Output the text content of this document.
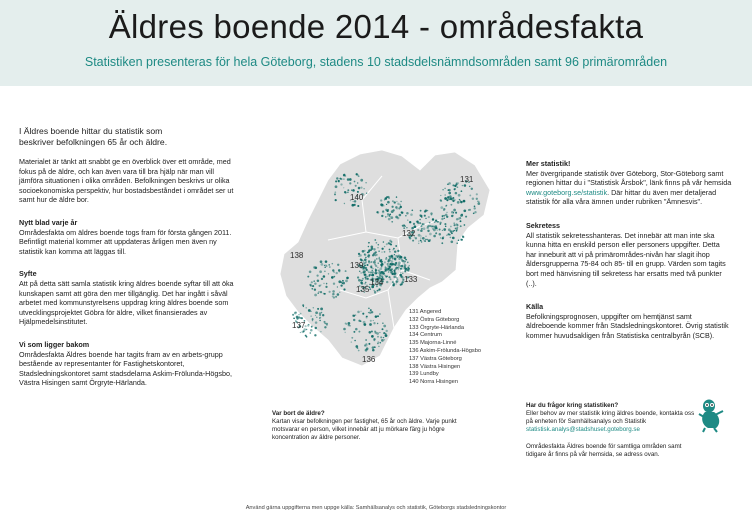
Äldres boende 2014 - områdesfakta
Statistiken presenteras för hela Göteborg, stadens 10 stadsdelsnämndsområden samt 96 primärområden

I Äldres boende hittar du statistik som beskriver befolkningen 65 år och äldre.

Materialet är tänkt att snabbt ge en överblick över ett område, med fokus på de äldre, och kan även vara till bra hjälp när man vill jämföra situationen i olika områden. Befolkningen beskrivs ur olika socioekonomiska perspektiv, hur bostadsbeståndet i området ser ut samt hur de äldre bor.

Nytt blad varje år

Områdesfakta om äldres boende togs fram för första gången 2011. Befintligt material kommer att uppdateras årligen men även ny statistik kan komma att läggas till.

Syfte

Att på detta sätt samla statistik kring äldres boende syftar till att öka kunskapen samt att göra den mer tillgänglig. Det har ingått i såväl arbetet med kommunstyrelsens uppdrag kring äldres boende som utvecklingsprojektet Göbra för äldre, vilket finansierades av Hjälpmedelsinstitutet.

Vi som ligger bakom

Områdesfakta Äldres boende har tagits fram av en arbets-grupp bestående av representanter för Fastighetskontoret, Stadsledningskontoret samt stadsdelarna Askim-Frölunda-Högsbo, Västra Hisingen samt Örgryte-Härlanda.

131
132
133
134
135
136
137
138
139
140
131 Angered
132 Östra Göteborg
133 Örgryte-Härlanda
134 Centrum
135 Majorna-Linné
136 Askim-Frölunda-Högsbo
137 Västra Göteborg
138 Västra Hisingen
139 Lundby
140 Norra Hisingen
Var bort de äldre?
Kartan visar befolkningen per fastighet, 65 år och äldre. Varje punkt motsvarar en person, vilket innebär att ju mörkare färg ju högre koncentration av äldre personer.

Mer statistik!

Mer övergripande statistik över Göteborg, Stor-Göteborg samt regionen hittar du i "Statistisk Årsbok", länk finns på vår hemsida www.goteborg.se/statistik. Där hittar du även mer detaljerad statistik för alla våra ämnen under rubriken "Ämnesvis".

Sekretess

All statistik sekretesshanteras. Det innebär att man inte ska kunna hitta en enskild person eller personers uppgifter. Detta har inneburit att vi på primärområdes-nivån har slagit ihop åldersgrupperna 75-84 och 85- till en grupp. Värden som tagits bort med hänvisning till sekretess har ersatts med två punkter (..).

Källa

Befolkningsprognosen, uppgifter om hemtjänst samt äldreboende kommer från Stadsledningskontoret. Övrig statistik kommer huvudsakligen från Statistiska centralbyrån (SCB).

Har du frågor kring statistiken?

Eller behov av mer statistik kring äldres boende, kontakta oss på enheten för Samhällsanalys och Statistik

statistisk.analys@stadshuset.goteborg.se

Områdesfakta Äldres boende för samtliga områden samt tidigare år finns på vår hemsida, se adress ovan.

Använd gärna uppgifterna men uppge källa: Samhällsanalys och statistik, Göteborgs stadsledningskontor
